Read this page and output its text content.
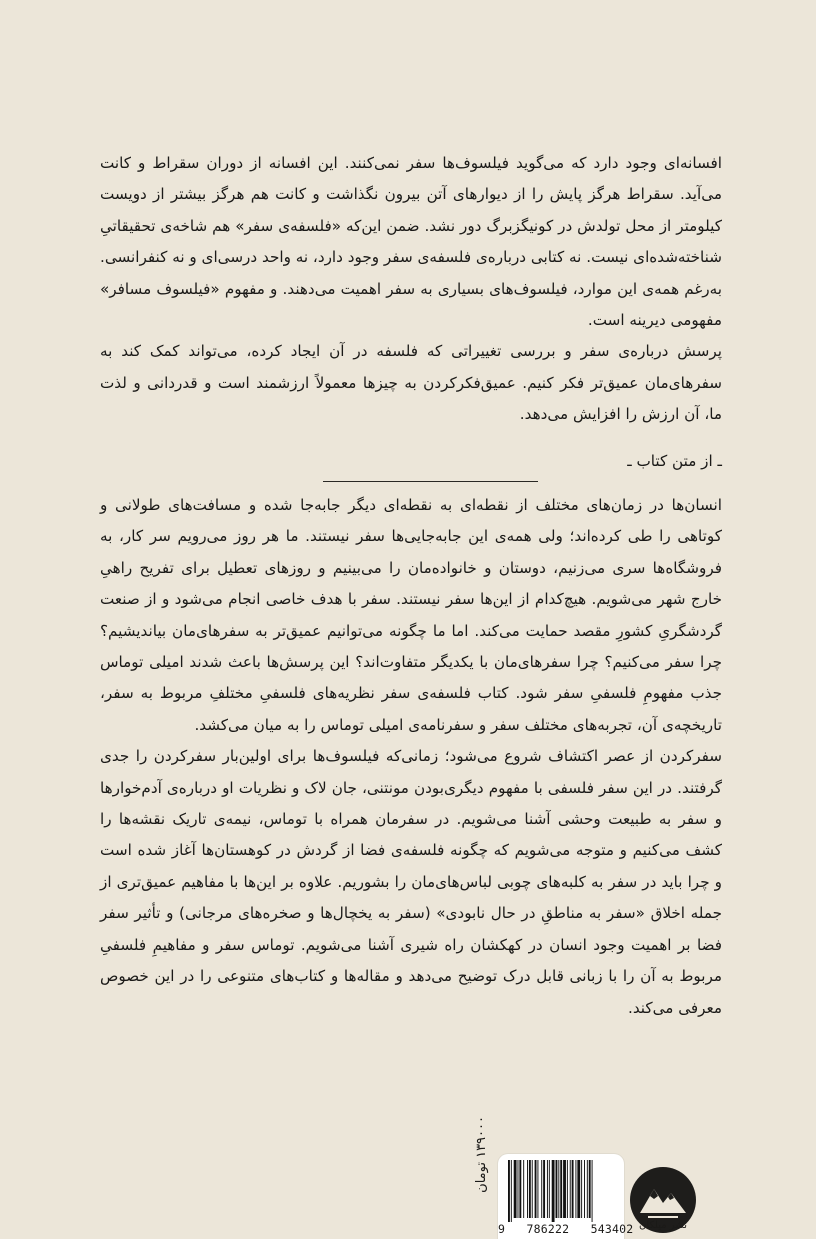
افسانه‌ای وجود دارد که می‌گوید فیلسوف‌ها سفر نمی‌کنند. این افسانه از دوران سقراط و کانت می‌آید. سقراط هرگز پایش را از دیوارهای آتن بیرون نگذاشت و کانت هم هرگز بیشتر از دویست کیلومتر از محل تولدش در کونیگزبرگ دور نشد. ضمن این‌که «فلسفه‌ی سفر» هم شاخه‌ی تحقیقاتیِ شناخته‌شده‌ای نیست. نه کتابی درباره‌ی فلسفه‌ی سفر وجود دارد، نه واحد درسی‌ای و نه کنفرانسی. به‌رغم همه‌ی این موارد، فیلسوف‌های بسیاری به سفر اهمیت می‌دهند. و مفهوم «فیلسوف مسافر» مفهومی دیرینه است.

پرسش درباره‌ی سفر و بررسی تغییراتی که فلسفه در آن ایجاد کرده، می‌تواند کمک کند به سفرهای‌مان عمیق‌تر فکر کنیم. عمیق‌فکرکردن به چیزها معمولاً ارزشمند است و قدردانی و لذت ما، آن ارزش را افزایش می‌دهد.

ـ از متن کتاب ـ

انسان‌ها در زمان‌های مختلف از نقطه‌ای به نقطه‌ای دیگر جابه‌جا شده و مسافت‌های طولانی و کوتاهی را طی کرده‌اند؛ ولی همه‌ی این جابه‌جایی‌ها سفر نیستند. ما هر روز می‌رویم سر کار، به فروشگاه‌ها سری می‌زنیم، دوستان و خانواده‌مان را می‌بینیم و روزهای تعطیل برای تفریح راهیِ خارج شهر می‌شویم. هیچ‌کدام از این‌ها سفر نیستند. سفر با هدف خاصی انجام می‌شود و از صنعت گردشگریِ کشورِ مقصد حمایت می‌کند. اما ما چگونه می‌توانیم عمیق‌تر به سفرهای‌مان بیاندیشیم؟ چرا سفر می‌کنیم؟ چرا سفرهای‌مان با یکدیگر متفاوت‌اند؟ این پرسش‌ها باعث شدند امیلی توماس جذب مفهومِ فلسفیِ سفر شود. کتاب فلسفه‌ی سفر نظریه‌های فلسفیِ مختلفِ مربوط به سفر، تاریخچه‌ی آن، تجربه‌های مختلف سفر و سفرنامه‌ی امیلی توماس را به میان می‌کشد.

سفرکردن از عصر اکتشاف شروع می‌شود؛ زمانی‌که فیلسوف‌ها برای اولین‌بار سفرکردن را جدی گرفتند. در این سفر فلسفی با مفهوم دیگری‌بودن مونتنی، جان لاک و نظریات او درباره‌ی آدم‌خوارها و سفر به طبیعت وحشی آشنا می‌شویم. در سفرمان همراه با توماس، نیمه‌ی تاریک نقشه‌ها را کشف می‌کنیم و متوجه می‌شویم که چگونه فلسفه‌ی فضا از گردش در کوهستان‌ها آغاز شده است و چرا باید در سفر به کلبه‌های چوبی لباس‌های‌مان را بشوریم. علاوه بر این‌ها با مفاهیم عمیق‌تری از جمله اخلاق «سفر به مناطقِ در حال نابودی» (سفر به یخچال‌ها و صخره‌های مرجانی) و تأثیر سفر فضا بر اهمیت وجود انسان در کهکشان راه شیری آشنا می‌شویم. توماس سفر و مفاهیمِ فلسفیِ مربوط به آن را با زبانی قابل درک توضیح می‌دهد و مقاله‌ها و کتاب‌های متنوعی را در این خصوص معرفی می‌کند.

نشر میلکان
9   786222   543402
۱۳۹۰۰۰ تومان
